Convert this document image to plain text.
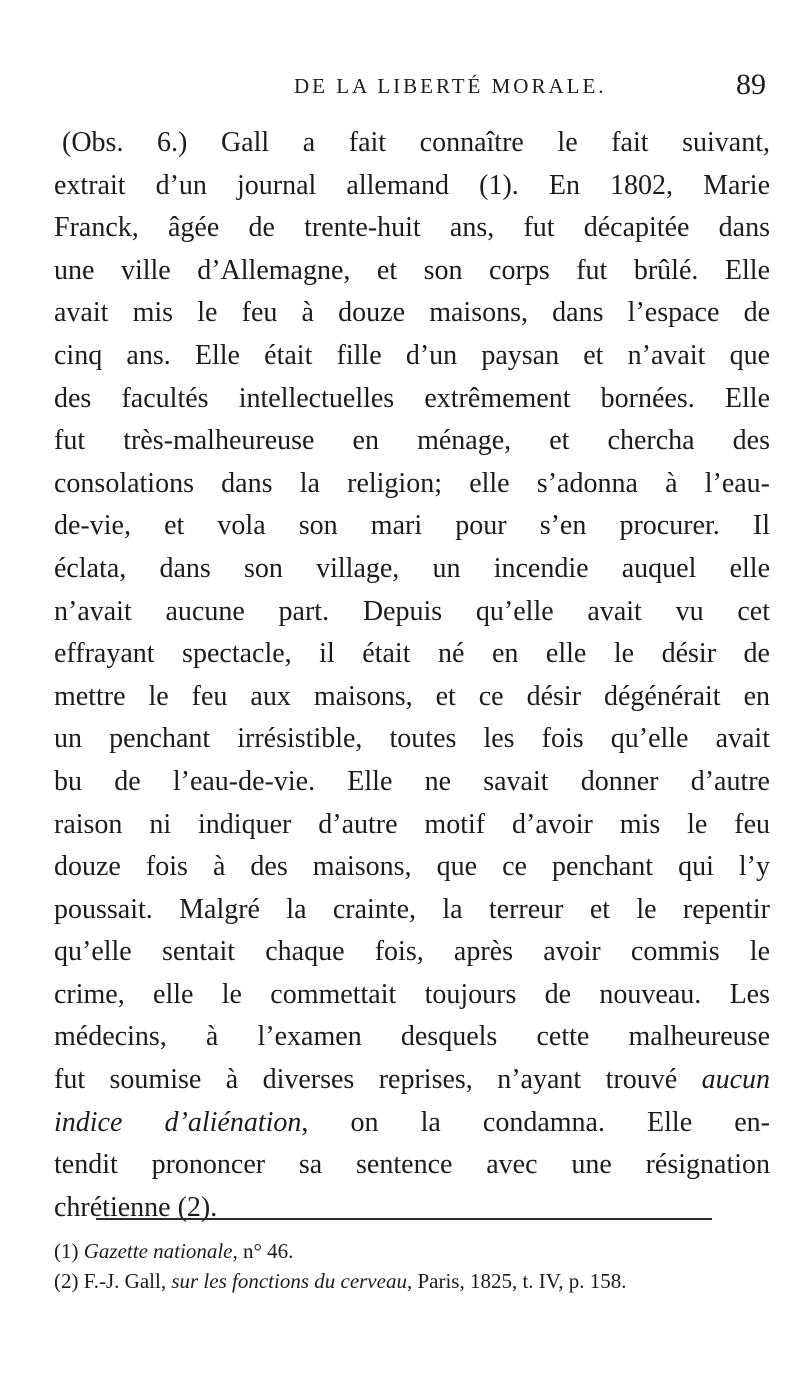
DE LA LIBERTÉ MORALE.	89
(Obs. 6.) Gall a fait connaître le fait suivant,
extrait d’un journal allemand (1). En 1802, Marie
Franck, âgée de trente-huit ans, fut décapitée dans
une ville d’Allemagne, et son corps fut brûlé. Elle
avait mis le feu à douze maisons, dans l’espace de
cinq ans. Elle était fille d’un paysan et n’avait que
des facultés intellectuelles extrêmement bornées. Elle
fut très-malheureuse en ménage, et chercha des
consolations dans la religion; elle s’adonna à l’eau-
de-vie, et vola son mari pour s’en procurer. Il
éclata, dans son village, un incendie auquel elle
n’avait aucune part. Depuis qu’elle avait vu cet
effrayant spectacle, il était né en elle le désir de
mettre le feu aux maisons, et ce désir dégénérait en
un penchant irrésistible, toutes les fois qu’elle avait
bu de l’eau-de-vie. Elle ne savait donner d’autre
raison ni indiquer d’autre motif d’avoir mis le feu
douze fois à des maisons, que ce penchant qui l’y
poussait. Malgré la crainte, la terreur et le repentir
qu’elle sentait chaque fois, après avoir commis le
crime, elle le commettait toujours de nouveau. Les
médecins, à l’examen desquels cette malheureuse
fut soumise à diverses reprises, n’ayant trouvé aucun
indice d’aliénation, on la condamna. Elle en-
tendit prononcer sa sentence avec une résignation
chrétienne (2).
(1) Gazette nationale, n° 46.
(2) F.-J. Gall, sur les fonctions du cerveau, Paris, 1825, t. IV, p. 158.
